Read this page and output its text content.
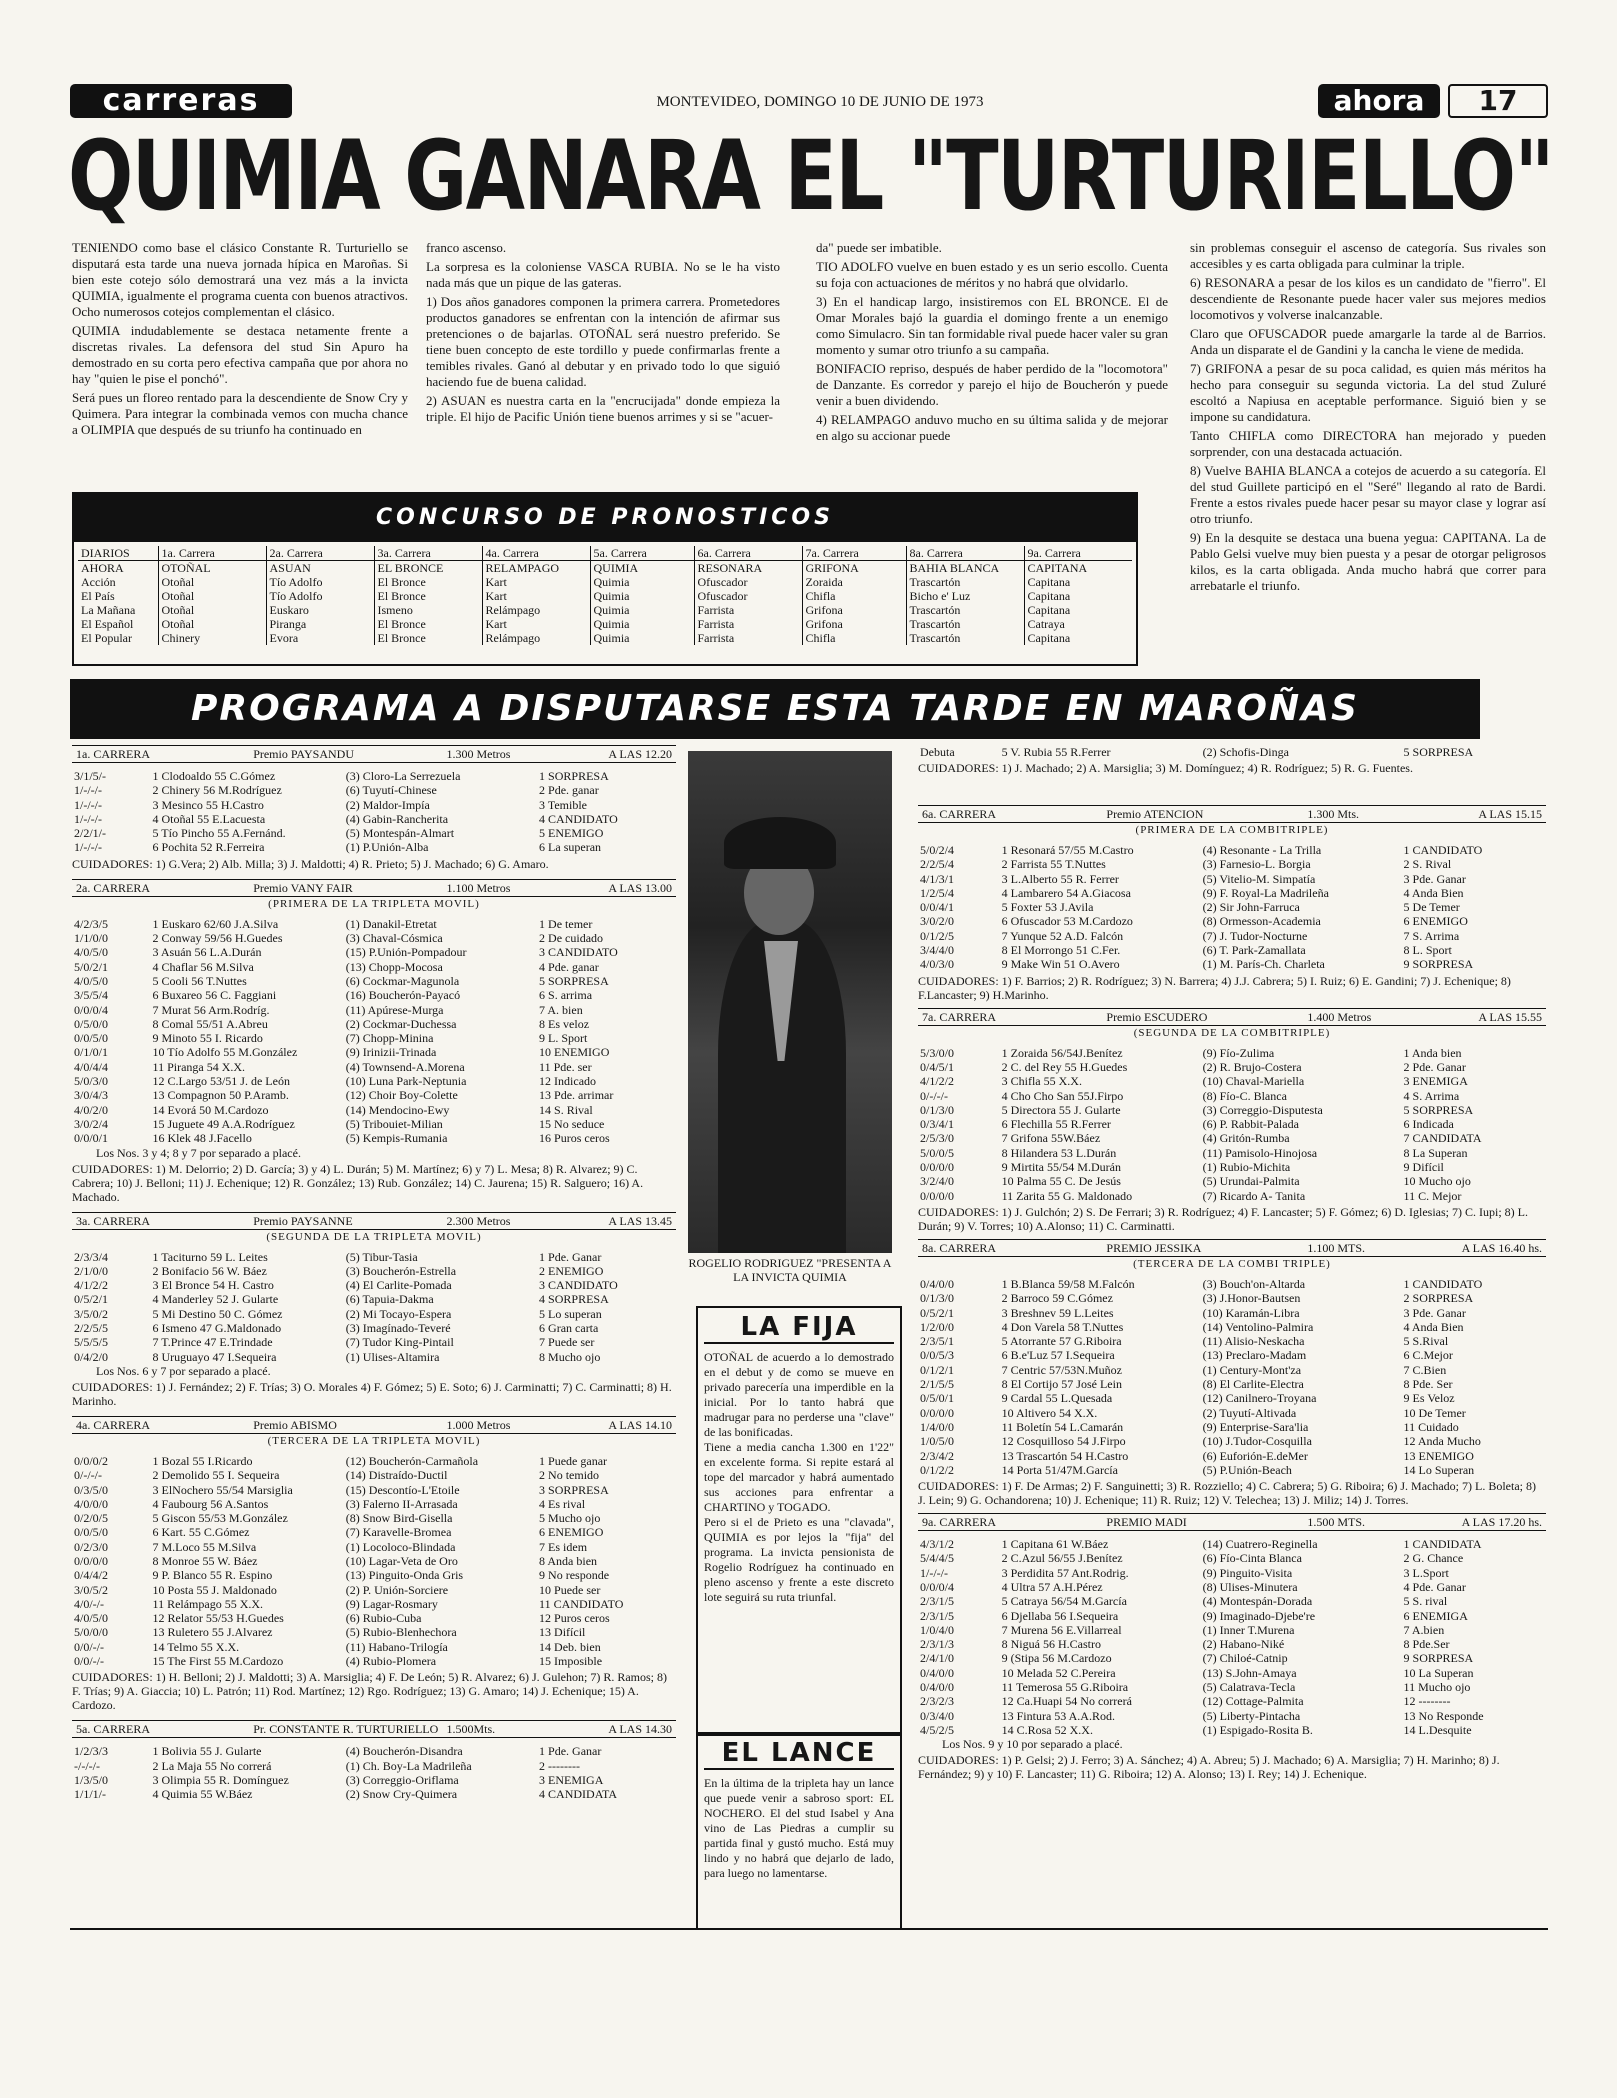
carreras	MONTEVIDEO, DOMINGO 10 DE JUNIO DE 1973	ahora	17
QUIMIA GANARA EL "TURTURIELLO"

TENIENDO como base el clásico Constante R. Turturiello se disputará esta tarde una nueva jornada hípica en Maroñas. Si bien este cotejo sólo demostrará una vez más a la invicta QUIMIA, igualmente el programa cuenta con buenos atractivos. Ocho numerosos cotejos complementan el clásico.

QUIMIA indudablemente se destaca netamente frente a discretas rivales. La defensora del stud Sin Apuro ha demostrado en su corta pero efectiva campaña que por ahora no hay "quien le pise el ponchó".

Será pues un floreo rentado para la descendiente de Snow Cry y Quimera. Para integrar la combinada vemos con mucha chance a OLIMPIA que después de su triunfo ha continuado en

franco ascenso.

La sorpresa es la coloniense VASCA RUBIA. No se le ha visto nada más que un pique de las gateras.

1) Dos años ganadores componen la primera carrera. Prometedores productos ganadores se enfrentan con la intención de afirmar sus pretenciones o de bajarlas. OTOÑAL será nuestro preferido. Se tiene buen concepto de este tordillo y puede confirmarlas frente a temibles rivales. Ganó al debutar y en privado todo lo que siguió haciendo fue de buena calidad.

2) ASUAN es nuestra carta en la "encrucijada" donde empieza la triple. El hijo de Pacific Unión tiene buenos arrimes y si se "acuer-

da" puede ser imbatible.

TIO ADOLFO vuelve en buen estado y es un serio escollo. Cuenta su foja con actuaciones de méritos y no habrá que olvidarlo.

3) En el handicap largo, insistiremos con EL BRONCE. El de Omar Morales bajó la guardia el domingo frente a un enemigo como Simulacro. Sin tan formidable rival puede hacer valer su gran momento y sumar otro triunfo a su campaña.

BONIFACIO repriso, después de haber perdido de la "locomotora" de Danzante. Es corredor y parejo el hijo de Boucherón y puede venir a buen dividendo.

4) RELAMPAGO anduvo mucho en su última salida y de mejorar en algo su accionar puede

sin problemas conseguir el ascenso de categoría. Sus rivales son accesibles y es carta obligada para culminar la triple.

6) RESONARA a pesar de los kilos es un candidato de "fierro". El descendiente de Resonante puede hacer valer sus mejores medios locomotivos y volverse inalcanzable.

Claro que OFUSCADOR puede amargarle la tarde al de Barrios. Anda un disparate el de Gandini y la cancha le viene de medida.

7) GRIFONA a pesar de su poca calidad, es quien más méritos ha hecho para conseguir su segunda victoria. La del stud Zuluré escoltó a Napiusa en aceptable performance. Siguió bien y se impone su candidatura.

Tanto CHIFLA como DIRECTORA han mejorado y pueden sorprender, con una destacada actuación.

8) Vuelve BAHIA BLANCA a cotejos de acuerdo a su categoría. El del stud Guillete participó en el "Seré" llegando al rato de Bardi. Frente a estos rivales puede hacer pesar su mayor clase y lograr así otro triunfo.

9) En la desquite se destaca una buena yegua: CAPITANA. La de Pablo Gelsi vuelve muy bien puesta y a pesar de otorgar peligrosos kilos, es la carta obligada. Anda mucho habrá que correr para arrebatarle el triunfo.

CONCURSO DE PRONOSTICOS
DIARIOS	1a. Carrera	2a. Carrera	3a. Carrera	4a. Carrera	5a. Carrera	6a. Carrera	7a. Carrera	8a. Carrera	9a. Carrera
AHORA	OTOÑAL	ASUAN	EL BRONCE	RELAMPAGO	QUIMIA	RESONARA	GRIFONA	BAHIA BLANCA	CAPITANA
Acción	Otoñal	Tío Adolfo	El Bronce	Kart	Quimia	Ofuscador	Zoraida	Trascartón	Capitana
El País	Otoñal	Tío Adolfo	El Bronce	Kart	Quimia	Ofuscador	Chifla	Bicho e' Luz	Capitana
La Mañana	Otoñal	Euskaro	Ismeno	Relámpago	Quimia	Farrista	Grifona	Trascartón	Capitana
El Español	Otoñal	Piranga	El Bronce	Kart	Quimia	Farrista	Grifona	Trascartón	Catraya
El Popular	Chinery	Evora	El Bronce	Relámpago	Quimia	Farrista	Chifla	Trascartón	Capitana
PROGRAMA A DISPUTARSE ESTA TARDE EN MAROÑAS
1a. CARRERA	Premio PAYSANDU	1.300 Metros	A LAS 12.20
3/1/5/-	1 Clodoaldo 55 C.Gómez	(3) Cloro-La Serrezuela	1 SORPRESA
1/-/-/-	2 Chinery 56 M.Rodríguez	(6) Tuyutí-Chinese	2 Pde. ganar
1/-/-/-	3 Mesinco 55 H.Castro	(2) Maldor-Impía	3 Temible
1/-/-/-	4 Otoñal 55 E.Lacuesta	(4) Gabin-Rancherita	4 CANDIDATO
2/2/1/-	5 Tío Pincho 55 A.Fernánd.	(5) Montespán-Almart	5 ENEMIGO
1/-/-/-	6 Pochita 52 R.Ferreira	(1) P.Unión-Alba	6 La superan
CUIDADORES: 1) G.Vera; 2) Alb. Milla; 3) J. Maldotti; 4) R. Prieto; 5) J. Machado; 6) G. Amaro.
2a. CARRERA	Premio VANY FAIR	1.100 Metros	A LAS 13.00
(PRIMERA DE LA TRIPLETA MOVIL)
4/2/3/5	1 Euskaro 62/60 J.A.Silva	(1) Danakil-Etretat	1 De temer
1/1/0/0	2 Conway 59/56 H.Guedes	(3) Chaval-Cósmica	2 De cuidado
4/0/5/0	3 Asuán 56 L.A.Durán	(15) P.Unión-Pompadour	3 CANDIDATO
5/0/2/1	4 Chaflar 56 M.Silva	(13) Chopp-Mocosa	4 Pde. ganar
4/0/5/0	5 Cooli 56 T.Nuttes	(6) Cockmar-Magunola	5 SORPRESA
3/5/5/4	6 Buxareo 56 C. Faggiani	(16) Boucherón-Payacó	6 S. arrima
0/0/0/4	7 Murat 56 Arm.Rodríg.	(11) Apúrese-Murga	7 A. bien
0/5/0/0	8 Comal 55/51 A.Abreu	(2) Cockmar-Duchessa	8 Es veloz
0/0/5/0	9 Minoto 55 I. Ricardo	(7) Chopp-Minina	9 L. Sport
0/1/0/1	10 Tío Adolfo 55 M.González	(9) Irinizii-Trinada	10 ENEMIGO
4/0/4/4	11 Piranga 54 X.X.	(4) Townsend-A.Morena	11 Pde. ser
5/0/3/0	12 C.Largo 53/51 J. de León	(10) Luna Park-Neptunia	12 Indicado
3/0/4/3	13 Compagnon 50 P.Aramb.	(12) Choir Boy-Colette	13 Pde. arrimar
4/0/2/0	14 Evorá 50 M.Cardozo	(14) Mendocino-Ewy	14 S. Rival
3/0/2/4	15 Juguete 49 A.A.Rodríguez	(5) Tribouiet-Milian	15 No seduce
0/0/0/1	16 Klek 48 J.Facello	(5) Kempis-Rumania	16 Puros ceros
Los Nos. 3 y 4; 8 y 7 por separado a placé.
CUIDADORES: 1) M. Delorrio; 2) D. García; 3) y 4) L. Durán; 5) M. Martínez; 6) y 7) L. Mesa; 8) R. Alvarez; 9) C. Cabrera; 10) J. Belloni; 11) J. Echenique; 12) R. González; 13) Rub. González; 14) C. Jaurena; 15) R. Salguero; 16) A. Machado.
3a. CARRERA	Premio PAYSANNE	2.300 Metros	A LAS 13.45
(SEGUNDA DE LA TRIPLETA MOVIL)
2/3/3/4	1 Taciturno 59 L. Leites	(5) Tibur-Tasia	1 Pde. Ganar
2/1/0/0	2 Bonifacio 56 W. Báez	(3) Boucherón-Estrella	2 ENEMIGO
4/1/2/2	3 El Bronce 54 H. Castro	(4) El Carlite-Pomada	3 CANDIDATO
0/5/2/1	4 Manderley 52 J. Gularte	(6) Tapuia-Dakma	4 SORPRESA
3/5/0/2	5 Mi Destino 50 C. Gómez	(2) Mi Tocayo-Espera	5 Lo superan
2/2/5/5	6 Ismeno 47 G.Maldonado	(3) Imagínado-Teveré	6 Gran carta
5/5/5/5	7 T.Prince 47 E.Trindade	(7) Tudor King-Pintail	7 Puede ser
0/4/2/0	8 Uruguayo 47 I.Sequeira	(1) Ulises-Altamira	8 Mucho ojo
Los Nos. 6 y 7 por separado a placé.
CUIDADORES: 1) J. Fernández; 2) F. Trías; 3) O. Morales 4) F. Gómez; 5) E. Soto; 6) J. Carminatti; 7) C. Carminatti; 8) H. Marinho.
4a. CARRERA	Premio ABISMO	1.000 Metros	A LAS 14.10
(TERCERA DE LA TRIPLETA MOVIL)
0/0/0/2	1 Bozal 55 I.Ricardo	(12) Boucherón-Carmañola	1 Puede ganar
0/-/-/-	2 Demolido 55 I. Sequeira	(14) Distraído-Ductil	2 No temido
0/3/5/0	3 ElNochero 55/54 Marsiglia	(15) Descontío-L'Etoile	3 SORPRESA
4/0/0/0	4 Faubourg 56 A.Santos	(3) Falerno II-Arrasada	4 Es rival
0/2/0/5	5 Giscon 55/53 M.González	(8) Snow Bird-Gisella	5 Mucho ojo
0/0/5/0	6 Kart. 55 C.Gómez	(7) Karavelle-Bromea	6 ENEMIGO
0/2/3/0	7 M.Loco 55 M.Silva	(1) Locoloco-Blindada	7 Es idem
0/0/0/0	8 Monroe 55 W. Báez	(10) Lagar-Veta de Oro	8 Anda bien
0/4/4/2	9 P. Blanco 55 R. Espino	(13) Pinguito-Onda Gris	9 No responde
3/0/5/2	10 Posta 55 J. Maldonado	(2) P. Unión-Sorciere	10 Puede ser
4/0/-/-	11 Relámpago 55 X.X.	(9) Lagar-Rosmary	11 CANDIDATO
4/0/5/0	12 Relator 55/53 H.Guedes	(6) Rubio-Cuba	12 Puros ceros
5/0/0/0	13 Ruletero 55 J.Alvarez	(5) Rubio-Blenhechora	13 Difícil
0/0/-/-	14 Telmo 55 X.X.	(11) Habano-Trilogía	14 Deb. bien
0/0/-/-	15 The First 55 M.Cardozo	(4) Rubio-Plomera	15 Imposible
CUIDADORES: 1) H. Belloni; 2) J. Maldotti; 3) A. Marsiglia; 4) F. De León; 5) R. Alvarez; 6) J. Gulehon; 7) R. Ramos; 8) F. Trías; 9) A. Giaccia; 10) L. Patrón; 11) Rod. Martínez; 12) Rgo. Rodríguez; 13) G. Amaro; 14) J. Echenique; 15) A. Cardozo.
5a. CARRERA	Pr. CONSTANTE R. TURTURIELLO 1.500Mts.	A LAS 14.30
1/2/3/3	1 Bolivia 55 J. Gularte	(4) Boucherón-Disandra	1 Pde. Ganar
-/-/-/-	2 La Maja 55 No correrá	(1) Ch. Boy-La Madrileña	2 --------
1/3/5/0	3 Olimpia 55 R. Domínguez	(3) Correggio-Oriflama	3 ENEMIGA
1/1/1/-	4 Quimia 55 W.Báez	(2) Snow Cry-Quimera	4 CANDIDATA
ROGELIO RODRIGUEZ "PRESENTA A LA INVICTA QUIMIA
LA FIJA

OTOÑAL de acuerdo a lo demostrado en el debut y de como se mueve en privado parecería una imperdible en la inicial. Por lo tanto habrá que madrugar para no perderse una "clave" de las bonificadas.

Tiene a media cancha 1.300 en 1'22" en excelente forma. Si repite estará al tope del marcador y habrá aumentado sus acciones para enfrentar a CHARTINO y TOGADO.

Pero si el de Prieto es una "clavada", QUIMIA es por lejos la "fija" del programa. La invicta pensionista de Rogelio Rodríguez ha continuado en pleno ascenso y frente a este discreto lote seguirá su ruta triunfal.

EL LANCE

En la última de la tripleta hay un lance que puede venir a sabroso sport: EL NOCHERO. El del stud Isabel y Ana vino de Las Piedras a cumplir su partida final y gustó mucho. Está muy lindo y no habrá que dejarlo de lado, para luego no lamentarse.

Debuta	5 V. Rubia 55 R.Ferrer	(2) Schofis-Dinga	5 SORPRESA
CUIDADORES: 1) J. Machado; 2) A. Marsiglia; 3) M. Domínguez; 4) R. Rodríguez; 5) R. G. Fuentes.
6a. CARRERA	Premio ATENCION	1.300 Mts.	A LAS 15.15
(PRIMERA DE LA COMBITRIPLE)
5/0/2/4	1 Resonará 57/55 M.Castro	(4) Resonante - La Trilla	1 CANDIDATO
2/2/5/4	2 Farrista 55 T.Nuttes	(3) Farnesio-L. Borgia	2 S. Rival
4/1/3/1	3 L.Alberto 55 R. Ferrer	(5) Vitelio-M. Simpatía	3 Pde. Ganar
1/2/5/4	4 Lambarero 54 A.Giacosa	(9) F. Royal-La Madrileña	4 Anda Bien
0/0/4/1	5 Foxter 53 J.Avila	(2) Sir John-Farruca	5 De Temer
3/0/2/0	6 Ofuscador 53 M.Cardozo	(8) Ormesson-Academia	6 ENEMIGO
0/1/2/5	7 Yunque 52 A.D. Falcón	(7) J. Tudor-Nocturne	7 S. Arrima
3/4/4/0	8 El Morrongo 51 C.Fer.	(6) T. Park-Zamallata	8 L. Sport
4/0/3/0	9 Make Win 51 O.Avero	(1) M. París-Ch. Charleta	9 SORPRESA
CUIDADORES: 1) F. Barrios; 2) R. Rodríguez; 3) N. Barrera; 4) J.J. Cabrera; 5) I. Ruiz; 6) E. Gandini; 7) J. Echenique; 8) F.Lancaster; 9) H.Marinho.
7a. CARRERA	Premio ESCUDERO	1.400 Metros	A LAS 15.55
(SEGUNDA DE LA COMBITRIPLE)
5/3/0/0	1 Zoraida 56/54J.Benítez	(9) Fío-Zulima	1 Anda bien
0/4/5/1	2 C. del Rey 55 H.Guedes	(2) R. Brujo-Costera	2 Pde. Ganar
4/1/2/2	3 Chifla 55 X.X.	(10) Chaval-Mariella	3 ENEMIGA
0/-/-/-	4 Cho Cho San 55J.Firpo	(8) Fío-C. Blanca	4 S. Arrima
0/1/3/0	5 Directora 55 J. Gularte	(3) Correggio-Disputesta	5 SORPRESA
0/3/4/1	6 Flechilla 55 R.Ferrer	(6) P. Rabbit-Palada	6 Indicada
2/5/3/0	7 Grifona 55W.Báez	(4) Gritón-Rumba	7 CANDIDATA
5/0/0/5	8 Hilandera 53 L.Durán	(11) Pamisolo-Hinojosa	8 La Superan
0/0/0/0	9 Mirtita 55/54 M.Durán	(1) Rubio-Michita	9 Difícil
3/2/4/0	10 Palma 55 C. De Jesús	(5) Urundai-Palmita	10 Mucho ojo
0/0/0/0	11 Zarita 55 G. Maldonado	(7) Ricardo A- Tanita	11 C. Mejor
CUIDADORES: 1) J. Gulchón; 2) S. De Ferrari; 3) R. Rodríguez; 4) F. Lancaster; 5) F. Gómez; 6) D. Iglesias; 7) C. Iupi; 8) L. Durán; 9) V. Torres; 10) A.Alonso; 11) C. Carminatti.
8a. CARRERA	PREMIO JESSIKA	1.100 MTS.	A LAS 16.40 hs.
(TERCERA DE LA COMBI TRIPLE)
0/4/0/0	1 B.Blanca 59/58 M.Falcón	(3) Bouch'on-Altarda	1 CANDIDATO
0/1/3/0	2 Barroco 59 C.Gómez	(3) J.Honor-Bautsen	2 SORPRESA
0/5/2/1	3 Breshnev 59 L.Leites	(10) Karamán-Libra	3 Pde. Ganar
1/2/0/0	4 Don Varela 58 T.Nuttes	(14) Ventolino-Palmira	4 Anda Bien
2/3/5/1	5 Atorrante 57 G.Riboira	(11) Alisio-Neskacha	5 S.Rival
0/0/5/3	6 B.e'Luz 57 I.Sequeira	(13) Preclaro-Madam	6 C.Mejor
0/1/2/1	7 Centric 57/53N.Muñoz	(1) Century-Mont'za	7 C.Bien
2/1/5/5	8 El Cortijo 57 José Lein	(8) El Carlite-Electra	8 Pde. Ser
0/5/0/1	9 Cardal 55 L.Quesada	(12) Canilnero-Troyana	9 Es Veloz
0/0/0/0	10 Altivero 54 X.X.	(2) Tuyutí-Altivada	10 De Temer
1/4/0/0	11 Boletín 54 L.Camarán	(9) Enterprise-Sara'lia	11 Cuidado
1/0/5/0	12 Cosquilloso 54 J.Firpo	(10) J.Tudor-Cosquilla	12 Anda Mucho
2/3/4/2	13 Trascartón 54 H.Castro	(6) Euforión-E.deMer	13 ENEMIGO
0/1/2/2	14 Porta 51/47M.García	(5) P.Unión-Beach	14 Lo Superan
CUIDADORES: 1) F. De Armas; 2) F. Sanguinetti; 3) R. Rozziello; 4) C. Cabrera; 5) G. Riboira; 6) J. Machado; 7) L. Boleta; 8) J. Lein; 9) G. Ochandorena; 10) J. Echenique; 11) R. Ruiz; 12) V. Telechea; 13) J. Miliz; 14) J. Torres.
9a. CARRERA	PREMIO MADI	1.500 MTS.	A LAS 17.20 hs.
4/3/1/2	1 Capitana 61 W.Báez	(14) Cuatrero-Reginella	1 CANDIDATA
5/4/4/5	2 C.Azul 56/55 J.Benítez	(6) Fío-Cinta Blanca	2 G. Chance
1/-/-/-	3 Perdidita 57 Ant.Rodrig.	(9) Pinguito-Visita	3 L.Sport
0/0/0/4	4 Ultra 57 A.H.Pérez	(8) Ulises-Minutera	4 Pde. Ganar
2/3/1/5	5 Catraya 56/54 M.García	(4) Montespán-Dorada	5 S. rival
2/3/1/5	6 Djellaba 56 I.Sequeira	(9) Imaginado-Djebe're	6 ENEMIGA
1/0/4/0	7 Murena 56 E.Villarreal	(1) Inner T.Murena	7 A.bien
2/3/1/3	8 Niguá 56 H.Castro	(2) Habano-Niké	8 Pde.Ser
2/4/1/0	9 (Stipa 56 M.Cardozo	(7) Chiloé-Catnip	9 SORPRESA
0/4/0/0	10 Melada 52 C.Pereira	(13) S.John-Amaya	10 La Superan
0/4/0/0	11 Temerosa 55 G.Riboira	(5) Calatrava-Tecla	11 Mucho ojo
2/3/2/3	12 Ca.Huapi 54 No correrá	(12) Cottage-Palmita	12 --------
0/3/4/0	13 Fintura 53 A.A.Rod.	(5) Liberty-Pintacha	13 No Responde
4/5/2/5	14 C.Rosa 52 X.X.	(1) Espigado-Rosita B.	14 L.Desquite
Los Nos. 9 y 10 por separado a placé.
CUIDADORES: 1) P. Gelsi; 2) J. Ferro; 3) A. Sánchez; 4) A. Abreu; 5) J. Machado; 6) A. Marsiglia; 7) H. Marinho; 8) J. Fernández; 9) y 10) F. Lancaster; 11) G. Riboira; 12) A. Alonso; 13) I. Rey; 14) J. Echenique.
